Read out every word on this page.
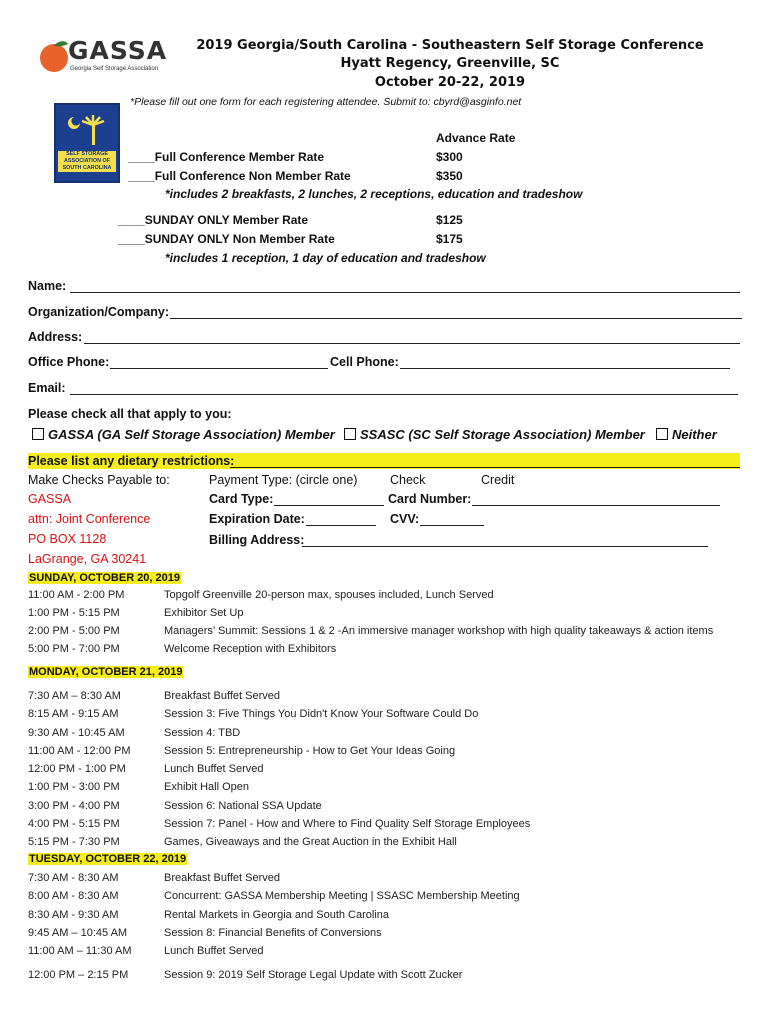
GASSA
Georgia Self Storage Association
SELF STORAGE ASSOCIATION OF SOUTH CAROLINA
2019 Georgia/South Carolina - Southeastern Self Storage Conference
Hyatt Regency, Greenville, SC
October 20-22, 2019
*Please fill out one form for each registering attendee. Submit to: cbyrd@asginfo.net
Advance Rate
____Full Conference Member Rate	$300
____Full Conference Non Member Rate	$350
*includes 2 breakfasts, 2 lunches, 2 receptions, education and tradeshow
____SUNDAY ONLY Member Rate	$125
____SUNDAY ONLY Non Member Rate	$175
*includes 1 reception, 1 day of education and tradeshow
Name:
Organization/Company:
Address:
Office Phone:	Cell Phone:
Email:
Please check all that apply to you:
GASSA (GA Self Storage Association) Member	SSASC (SC Self Storage Association) Member	Neither
Please list any dietary restrictions:
Make Checks Payable to:
GASSA
attn: Joint Conference
PO BOX 1128
LaGrange, GA 30241
Payment Type: (circle one)	Check	Credit
Card Type:	Card Number:
Expiration Date:	CVV:
Billing Address:
SUNDAY, OCTOBER 20, 2019
11:00 AM - 2:00 PM	Topgolf Greenville 20-person max, spouses included, Lunch Served
1:00 PM - 5:15 PM	Exhibitor Set Up
2:00 PM - 5:00 PM	Managers’ Summit: Sessions 1 & 2 -An immersive manager workshop with high quality takeaways & action items
5:00 PM - 7:00 PM	Welcome Reception with Exhibitors
MONDAY, OCTOBER 21, 2019
7:30 AM – 8:30 AM	Breakfast Buffet Served
8:15 AM - 9:15 AM	Session 3: Five Things You Didn't Know Your Software Could Do
9:30 AM - 10:45 AM	Session 4: TBD
11:00 AM - 12:00 PM	Session 5: Entrepreneurship - How to Get Your Ideas Going
12:00 PM - 1:00 PM	Lunch Buffet Served
1:00 PM - 3:00 PM	Exhibit Hall Open
3:00 PM - 4:00 PM	Session 6: National SSA Update
4:00 PM - 5:15 PM	Session 7: Panel - How and Where to Find Quality Self Storage Employees
5:15 PM - 7:30 PM	Games, Giveaways and the Great Auction in the Exhibit Hall
TUESDAY, OCTOBER 22, 2019
7:30 AM - 8:30 AM	Breakfast Buffet Served
8:00 AM - 8:30 AM	Concurrent: GASSA Membership Meeting | SSASC Membership Meeting
8:30 AM - 9:30 AM	Rental Markets in Georgia and South Carolina
9:45 AM – 10:45 AM	Session 8: Financial Benefits of Conversions
11:00 AM – 11:30 AM	Lunch Buffet Served
12:00 PM – 2:15 PM	Session 9: 2019 Self Storage Legal Update with Scott Zucker
